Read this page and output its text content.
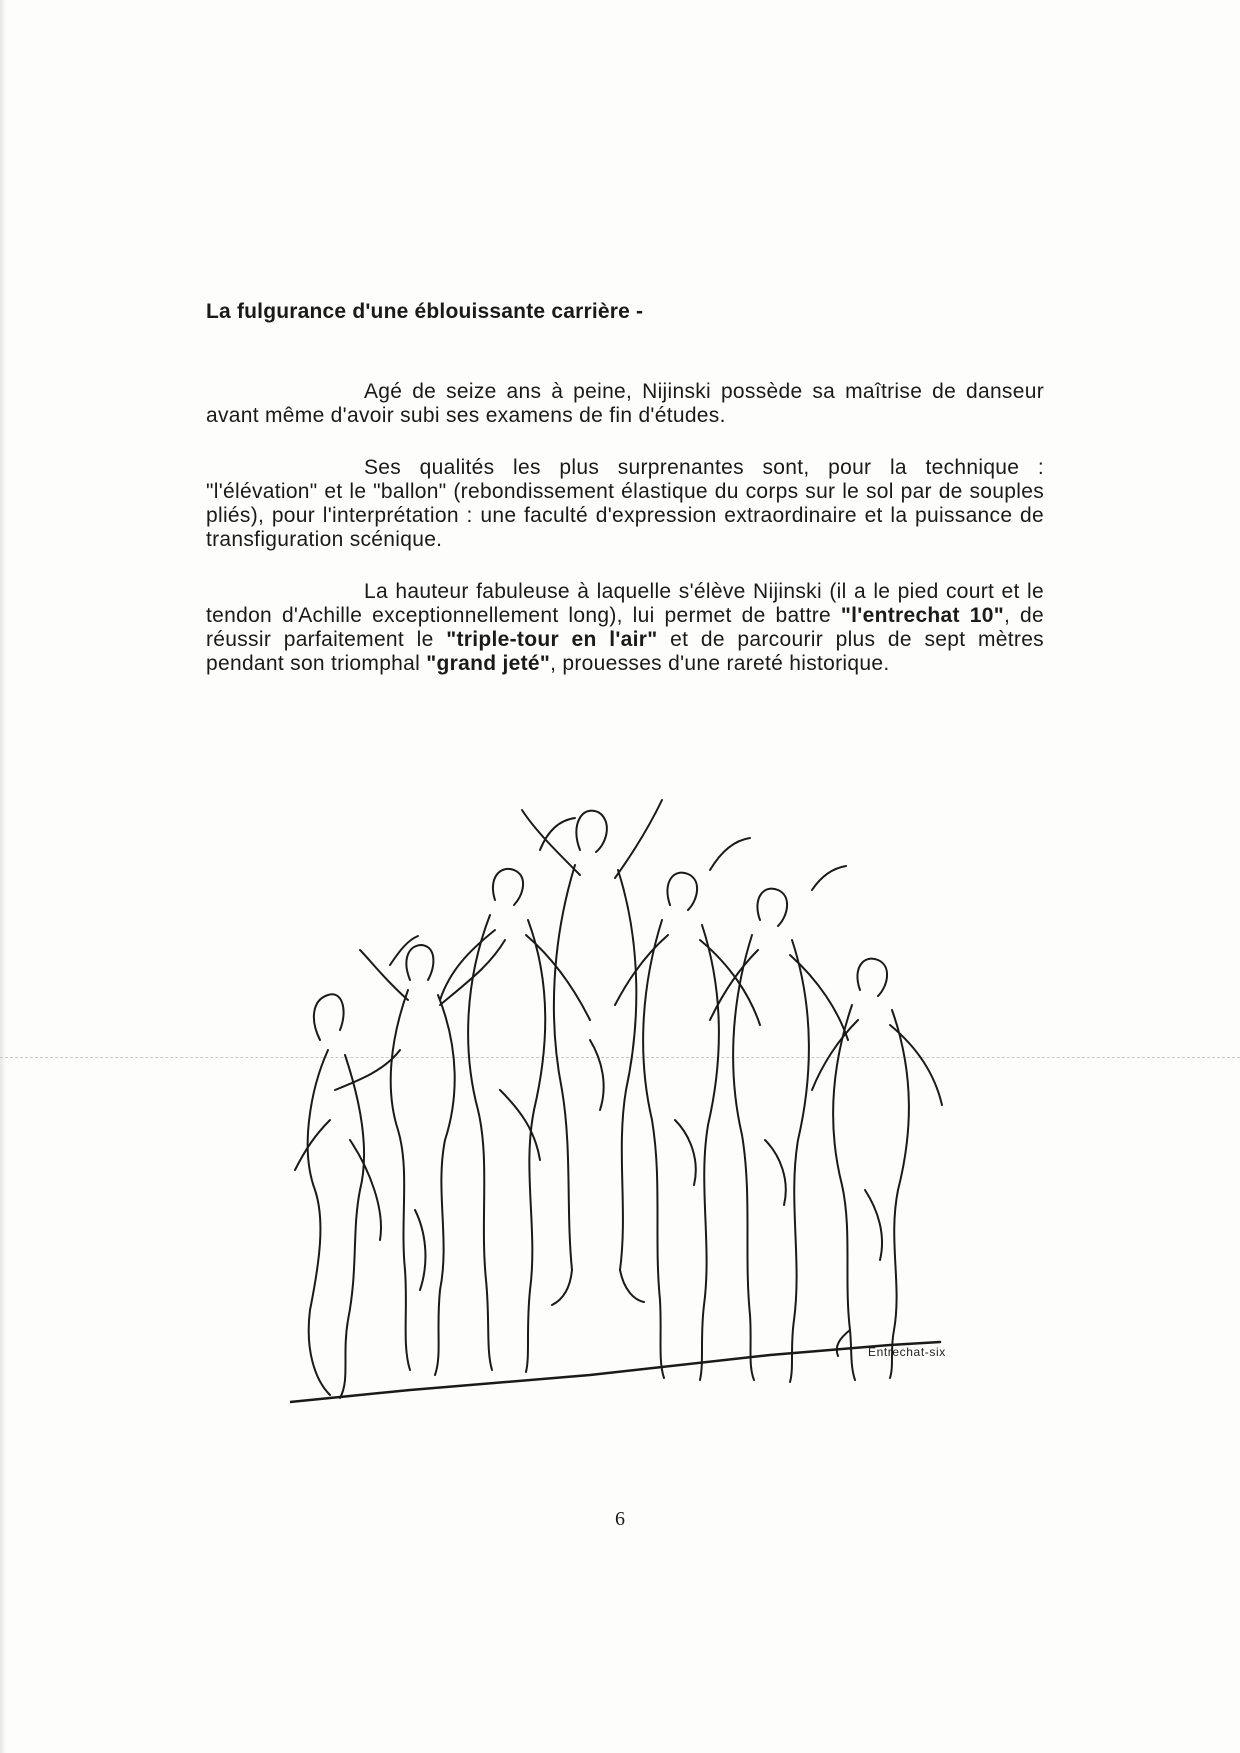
La fulgurance d'une éblouissante carrière -
Agé de seize ans à peine, Nijinski possède sa maîtrise de danseur avant même d'avoir subi ses examens de fin d'études.
Ses qualités les plus surprenantes sont, pour la technique : "l'élévation" et le "ballon" (rebondissement élastique du corps sur le sol par de souples pliés), pour l'interprétation : une faculté d'expression extraordinaire et la puissance de transfiguration scénique.
La hauteur fabuleuse à laquelle s'élève Nijinski (il a le pied court et le tendon d'Achille exceptionnellement long), lui permet de battre "l'entrechat 10", de réussir parfaitement le "triple-tour en l'air" et de parcourir plus de sept mètres pendant son triomphal "grand jeté", prouesses d'une rareté historique.
Entrechat-six
6
